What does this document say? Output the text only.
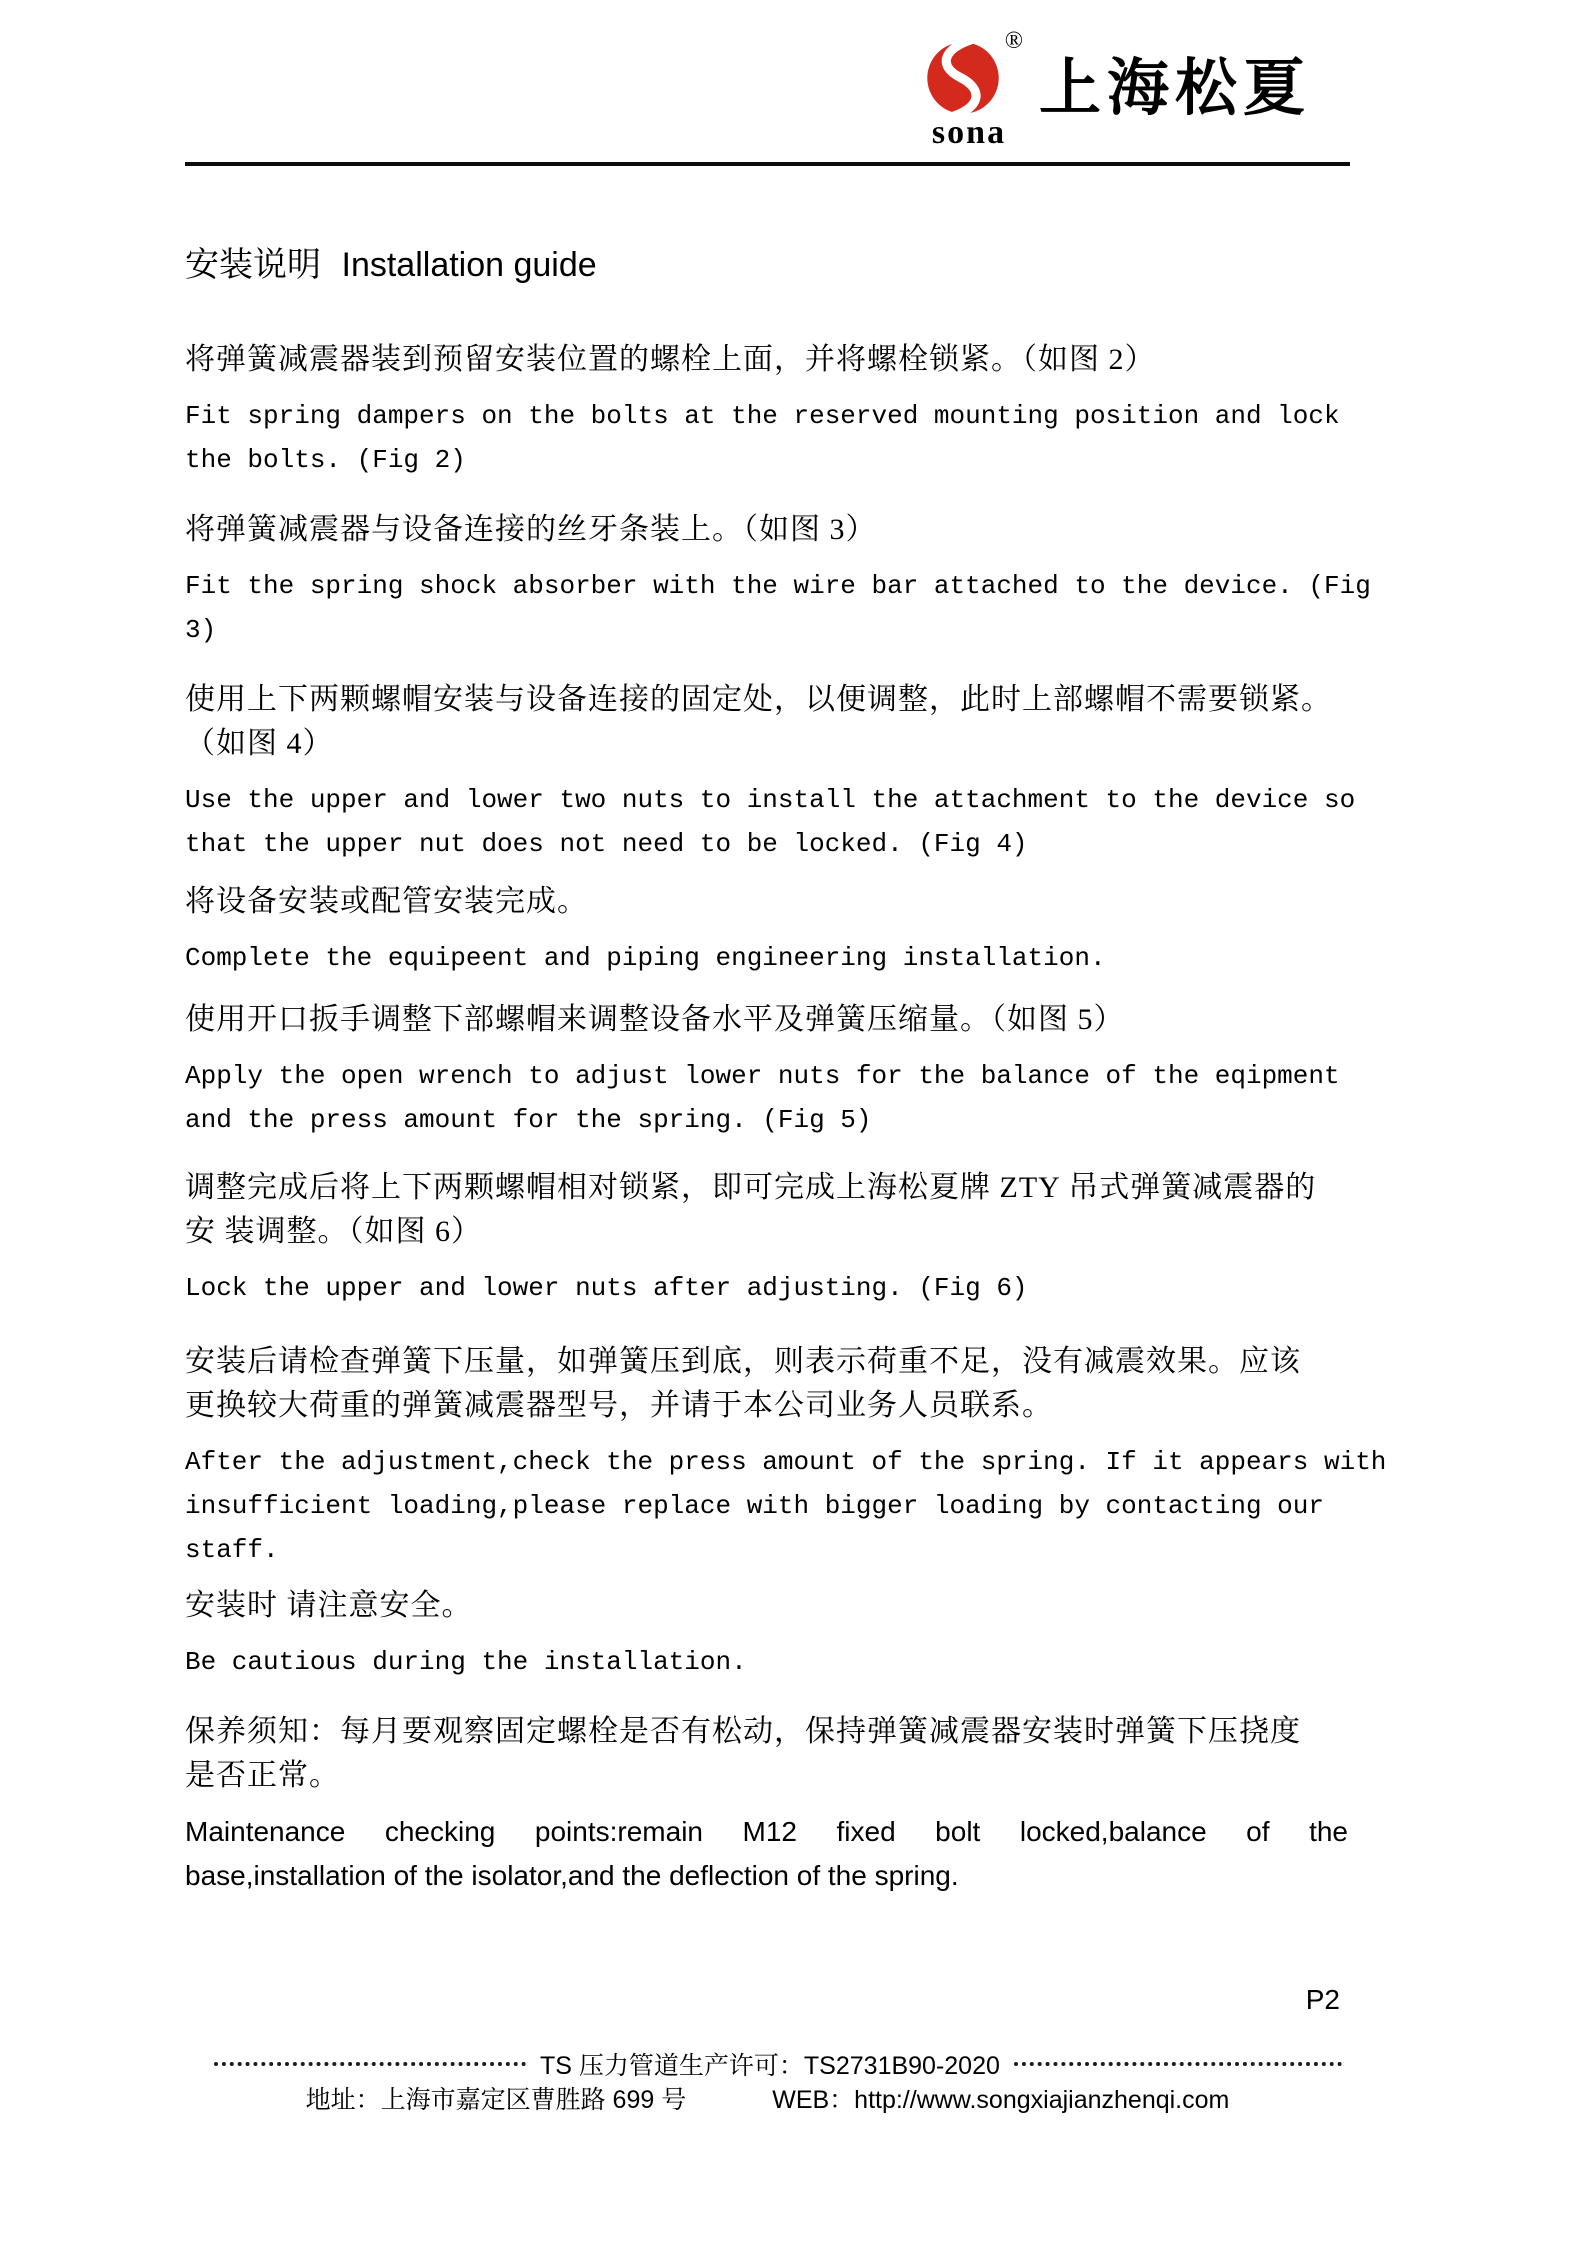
®
sona
上海松夏
安装说明 Installation guide
将弹簧减震器装到预留安装位置的螺栓上面，并将螺栓锁紧。（如图 2）
Fit spring dampers on the bolts at the reserved mounting position and lock
the bolts. (Fig 2)
将弹簧减震器与设备连接的丝牙条装上。（如图 3）
Fit the spring shock absorber with the wire bar attached to the device. (Fig
3)
使用上下两颗螺帽安装与设备连接的固定处，以便调整，此时上部螺帽不需要锁紧。
（如图 4）
Use the upper and lower two nuts to install the attachment to the device so
that the upper nut does not need to be locked. (Fig 4)
将设备安装或配管安装完成。
Complete the equipeent and piping engineering installation.
使用开口扳手调整下部螺帽来调整设备水平及弹簧压缩量。（如图 5）
Apply the open wrench to adjust lower nuts for the balance of the eqipment
and the press amount for the spring. (Fig 5)
调整完成后将上下两颗螺帽相对锁紧，即可完成上海松夏牌 ZTY 吊式弹簧减震器的
安 装调整。（如图 6）
Lock the upper and lower nuts after adjusting. (Fig 6)
安装后请检查弹簧下压量，如弹簧压到底，则表示荷重不足，没有减震效果。应该
更换较大荷重的弹簧减震器型号，并请于本公司业务人员联系。
After the adjustment,check the press amount of the spring. If it appears with
insufficient loading,please replace with bigger loading by contacting our
staff.
安装时 请注意安全。
Be cautious during the installation.
保养须知：每月要观察固定螺栓是否有松动，保持弹簧减震器安装时弹簧下压挠度
是否正常。
Maintenance checking points:remain M12 fixed bolt locked,balance of the
base,installation of the isolator,and the deflection of the spring.
P2
TS 压力管道生产许可：TS2731B90-2020
地址：上海市嘉定区曹胜路 699 号	WEB：http://www.songxiajianzhenqi.com
